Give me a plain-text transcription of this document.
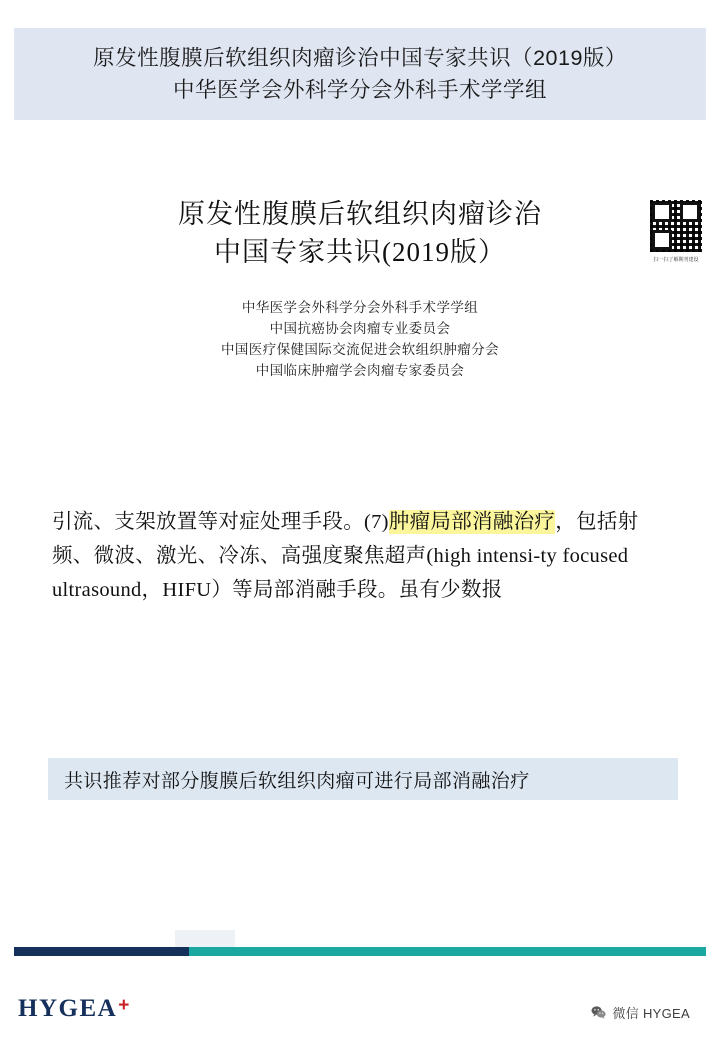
原发性腹膜后软组织肉瘤诊治中国专家共识（2019版）
中华医学会外科学分会外科手术学学组
原发性腹膜后软组织肉瘤诊治
中国专家共识(2019版）
中华医学会外科学分会外科手术学学组
中国抗癌协会肉瘤专业委员会
中国医疗保健国际交流促进会软组织肿瘤分会
中国临床肿瘤学会肉瘤专家委员会
扫一扫了解期刊建设
引流、支架放置等对症处理手段。(7)肿瘤局部消融治疗，包括射频、微波、激光、冷冻、高强度聚焦超声(high intensi-ty focused ultrasound，HIFU）等局部消融手段。虽有少数报
共识推荐对部分腹膜后软组织肉瘤可进行局部消融治疗
HYGEA +	微信 HYGEA
